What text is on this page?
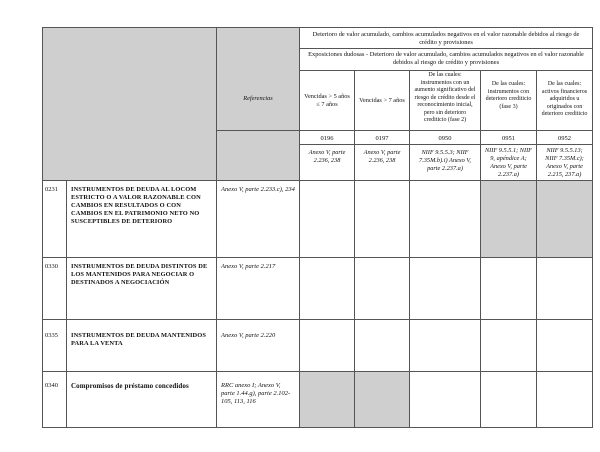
		Referencias	Deterioro de valor acumulado, cambios acumulados negativos en el valor razonable debidos al riesgo de crédito y provisiones				
			Exposiciones dudosas - Deterioro de valor acumulado, cambios acumulados negativos en el valor razonable debidos al riesgo de crédito y provisiones				
			Vencidas > 5 años ≤ 7 años	Vencidas > 7 años	De las cuales: instrumentos con un aumento significativo del riesgo de crédito desde el reconocimiento inicial, pero sin deterioro crediticio (fase 2)	De las cuales: instrumentos con deterioro crediticio (fase 3)	De las cuales: activos financieros adquiridos u originados con deterioro crediticio
			0196	0197	0950	0951	0952
			Anexo V, parte 2.236, 238	Anexo V, parte 2.236, 238	NIIF 9.5.5.3; NIIF 7.35M.b).i) Anexo V, parte 2.237.a)	NIIF 9.5.5.1; NIIF 9, apéndice A; Anexo V, parte 2.237.a)	NIIF 9.5.5.13; NIIF 7.35M.c); Anexo V, parte 2.215, 237.a)
0231	INSTRUMENTOS DE DEUDA AL LOCOM ESTRICTO O A VALOR RAZONABLE CON CAMBIOS EN RESULTADOS O CON CAMBIOS EN EL PATRIMONIO NETO NO SUSCEPTIBLES DE DETERIORO	Anexo V, parte 2.233.c), 234					
0330	INSTRUMENTOS DE DEUDA DISTINTOS DE LOS MANTENIDOS PARA NEGOCIAR O DESTINADOS A NEGOCIACIÓN	Anexo V, parte 2.217					
0335	INSTRUMENTOS DE DEUDA MANTENIDOS PARA LA VENTA	Anexo V, parte 2.220					
0340	Compromisos de préstamo concedidos	RRC anexo I; Anexo V, parte 1.44.g), parte 2.102-105, 113, 116					
